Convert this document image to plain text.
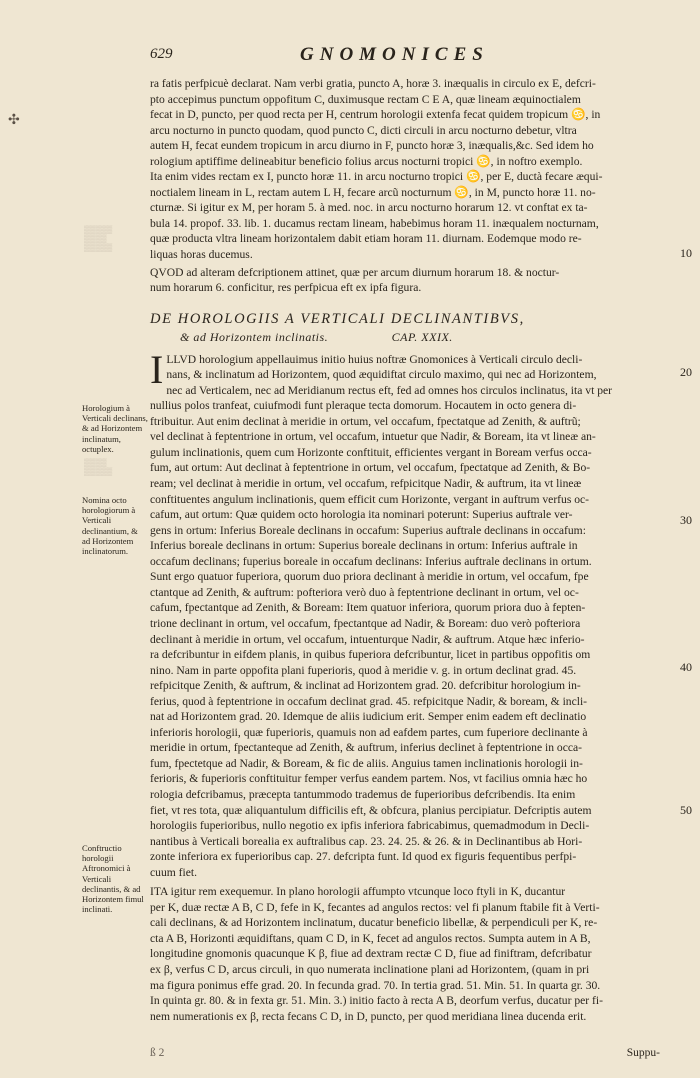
✣
629	GNOMONICES
▒▒▒▒▒
▒▒▒▒
▒▒▒▒▒
▒▒▒▒
▒▒▒▒▒

ra fatis perfpicuè declarat. Nam verbi gratia, puncto A, horæ 3. inæqualis in circulo ex E, defcri-

pto accepimus punctum oppofitum C, duximusque rectam C E A, quæ lineam æquinoctialem

fecat in D, puncto, per quod recta per H, centrum horologii extenfa fecat quidem tropicum ♋, in

arcu nocturno in puncto quodam, quod puncto C, dicti circuli in arcu nocturno debetur, vltra

autem H, fecat eundem tropicum in arcu diurno in F, puncto horæ 3, inæqualis,&c. Sed idem ho

rologium aptiffime delineabitur beneficio folius arcus nocturni tropici ♋, in noftro exemplo.

Ita enim vides rectam ex I, puncto horæ 11. in arcu nocturno tropici ♋, per E, ductà fecare æqui-

noctialem lineam in L, rectam autem L H, fecare arcũ nocturnum ♋, in M, puncto horæ 11. no-

cturnæ. Si igitur ex M, per horam 5. à med. noc. in arcu nocturno horarum 12. vt conftat ex ta-

bula 14. propof. 33. lib. 1. ducamus rectam lineam, habebimus horam 11. inæqualem nocturnam,

quæ producta vltra lineam horizontalem dabit etiam horam 11. diurnam. Eodemque modo re-

liquas horas ducemus.

QVOD ad alteram defcriptionem attinet, quæ per arcum diurnum horarum 18. & noctur-

num horarum 6. conficitur, res perfpicua eft ex ipfa figura.

DE HOROLOGIIS A VERTICALI DECLINANTIBVS,
& ad Horizontem inclinatis.	CAP. XXIX.
I LLVD horologium appellauimus initio huius noftræ Gnomonices à Verticali circulo decli-

nans, & inclinatum ad Horizontem, quod æquidiftat circulo maximo, qui nec ad Horizontem,

nec ad Verticalem, nec ad Meridianum rectus eft, fed ad omnes hos circulos inclinatus, ita vt per

nullius polos tranfeat, cuiufmodi funt pleraque tecta domorum. Hocautem in octo genera di-

ftribuitur. Aut enim declinat à meridie in ortum, vel occafum, fpectatque ad Zenith, & auftrũ;

vel declinat à feptentrione in ortum, vel occafum, intuetur que Nadir, & Boream, ita vt lineæ an-

gulum inclinationis, quem cum Horizonte conftituit, efficientes vergant in Boream verfus occa-

fum, aut ortum: Aut declinat à feptentrione in ortum, vel occafum, fpectatque ad Zenith, & Bo-

ream; vel declinat à meridie in ortum, vel occafum, refpicitque Nadir, & auftrum, ita vt lineæ

conftituentes angulum inclinationis, quem efficit cum Horizonte, vergant in auftrum verfus oc-

cafum, aut ortum: Quæ quidem octo horologia ita nominari poterunt: Superius auftrale ver-

gens in ortum: Inferius Boreale declinans in occafum: Superius auftrale declinans in occafum:

Inferius boreale declinans in ortum: Superius boreale declinans in ortum: Inferius auftrale in

occafum declinans; fuperius boreale in occafum declinans: Inferius auftrale declinans in ortum.

Sunt ergo quatuor fuperiora, quorum duo priora declinant à meridie in ortum, vel occafum, fpe

ctantque ad Zenith, & auftrum: pofteriora verò duo à feptentrione declinant in ortum, vel oc-

cafum, fpectantque ad Zenith, & Boream: Item quatuor inferiora, quorum priora duo à fepten-

trione declinant in ortum, vel occafum, fpectantque ad Nadir, & Boream: duo verò pofteriora

declinant à meridie in ortum, vel occafum, intuenturque Nadir, & auftrum. Atque hæc inferio-

ra defcribuntur in eifdem planis, in quibus fuperiora defcribuntur, licet in partibus oppofitis om

nino. Nam in parte oppofita plani fuperioris, quod à meridie v. g. in ortum declinat grad. 45.

refpicitque Zenith, & auftrum, & inclinat ad Horizontem grad. 20. defcribitur horologium in-

ferius, quod à feptentrione in occafum declinat grad. 45. refpicitque Nadir, & boream, & incli-

nat ad Horizontem grad. 20. Idemque de aliis iudicium erit. Semper enim eadem eft declinatio

inferioris horologii, quæ fuperioris, quamuis non ad eafdem partes, cum fuperiore declinante à

meridie in ortum, fpectanteque ad Zenith, & auftrum, inferius declinet à feptentrione in occa-

fum, fpectetque ad Nadir, & Boream, & fic de aliis. Anguius tamen inclinationis horologii in-

ferioris, & fuperioris conftituitur femper verfus eandem partem. Nos, vt facilius omnia hæc ho

rologia defcribamus, præcepta tantummodo trademus de fuperioribus defcribendis. Ita enim

fiet, vt res tota, quæ aliquantulum difficilis eft, & obfcura, planius percipiatur. Defcriptis autem

horologiis fuperioribus, nullo negotio ex ipfis inferiora fabricabimus, quemadmodum in Decli-

nantibus à Verticali borealia ex auftralibus cap. 23. 24. 25. & 26. & in Declinantibus ab Hori-

zonte inferiora ex fuperioribus cap. 27. defcripta funt. Id quod ex figuris fequentibus perfpi-

cuum fiet.

ITA igitur rem exequemur. In plano horologii affumpto vtcunque loco ftyli in K, ducantur

per K, duæ rectæ A B, C D, fefe in K, fecantes ad angulos rectos: vel fi planum ftabile fit à Verti-

cali declinans, & ad Horizontem inclinatum, ducatur beneficio libellæ, & perpendiculi per K, re-

cta A B, Horizonti æquidiftans, quam C D, in K, fecet ad angulos rectos. Sumpta autem in A B,

longitudine gnomonis quacunque K β, fiue ad dextram rectæ C D, fiue ad finiftram, defcribatur

ex β, verfus C D, arcus circuli, in quo numerata inclinatione plani ad Horizontem, (quam in pri

ma figura ponimus effe grad. 20. In fecunda grad. 70. In tertia grad. 51. Min. 51. In quarta gr. 30.

In quinta gr. 80. & in fexta gr. 51. Min. 3.) initio facto à recta A B, deorfum verfus, ducatur per fi-

nem numerationis ex β, recta fecans C D, in D, puncto, per quod meridiana linea ducenda erit.

Horologium à Verticali declinans, & ad Horizontem inclinatum, octuplex.
Nomina octo horologiorum à Verticali declinantium, & ad Horizontem inclinatorum.
Conftructio horologii Aftronomici à Verticali declinantis, & ad Horizontem fimul inclinati.
10
20
30
40
50
ß 2	Suppu-
